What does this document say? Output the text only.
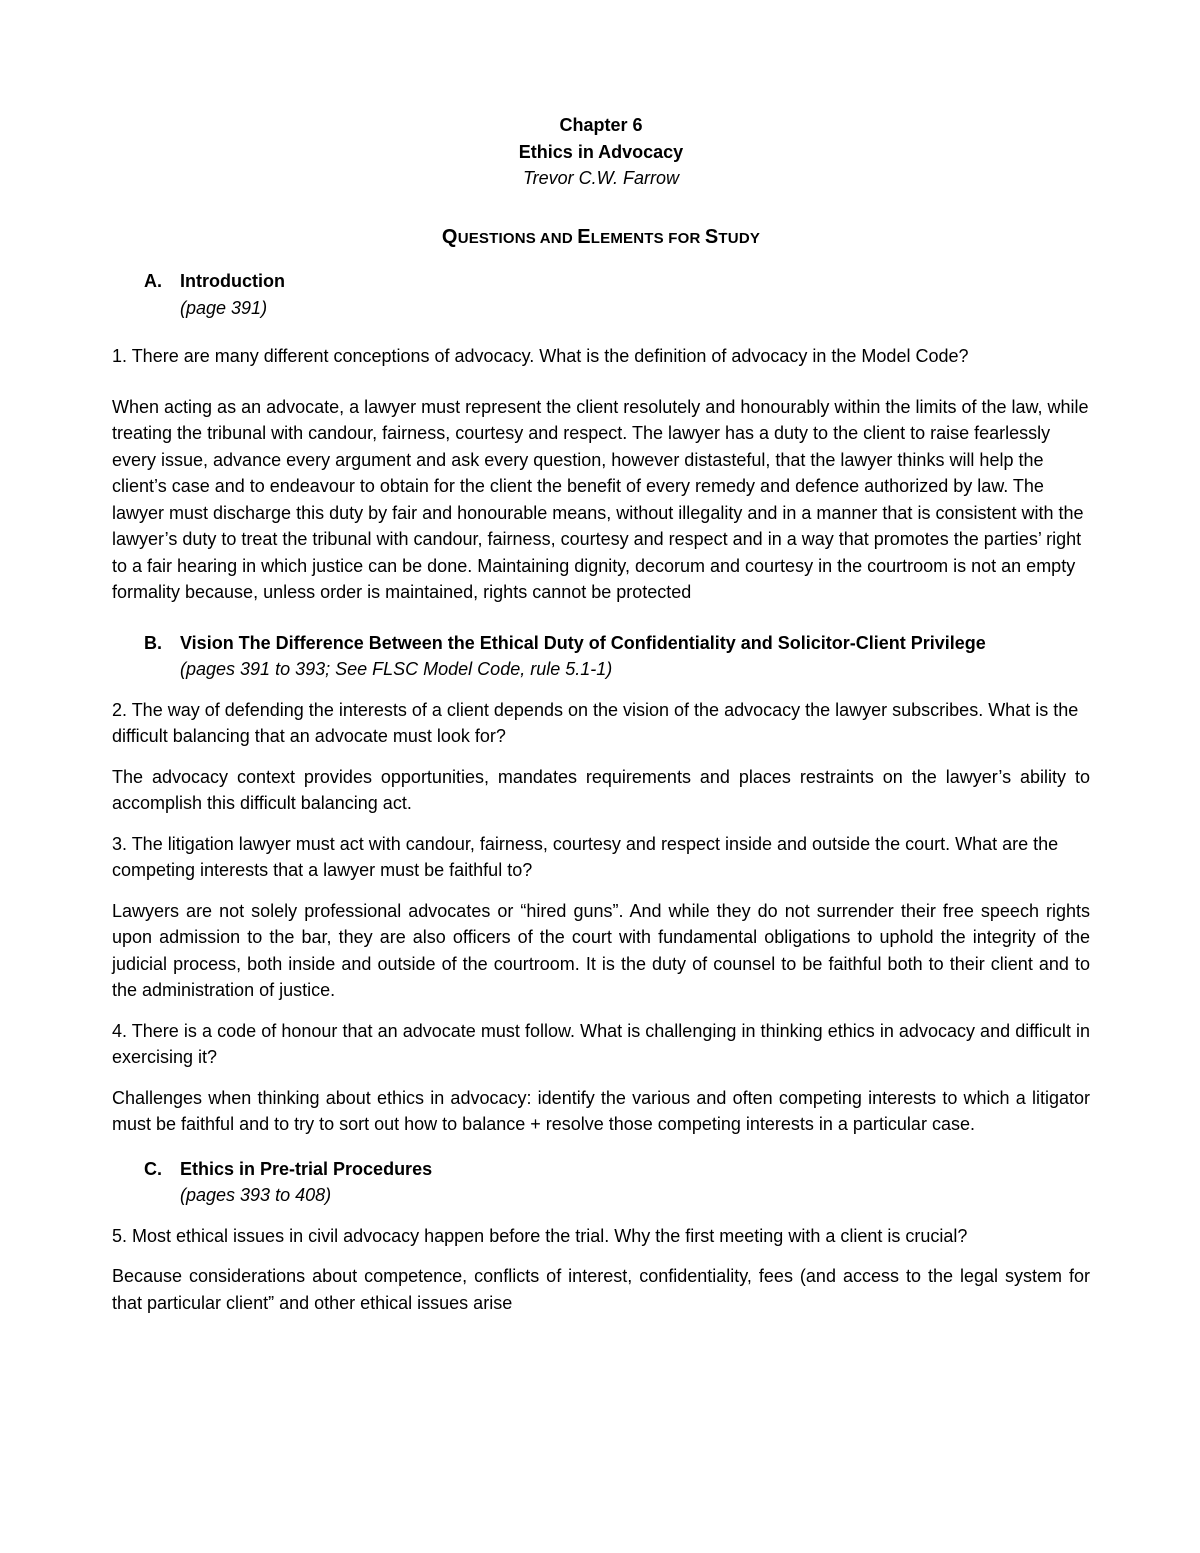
Chapter 6
Ethics in Advocacy
Trevor C.W. Farrow
QUESTIONS AND ELEMENTS FOR STUDY
A. Introduction
(page 391)

1. There are many different conceptions of advocacy. What is the definition of advocacy in the Model Code?

When acting as an advocate, a lawyer must represent the client resolutely and honourably within the limits of the law, while treating the tribunal with candour, fairness, courtesy and respect. The lawyer has a duty to the client to raise fearlessly every issue, advance every argument and ask every question, however distasteful, that the lawyer thinks will help the client’s case and to endeavour to obtain for the client the benefit of every remedy and defence authorized by law. The lawyer must discharge this duty by fair and honourable means, without illegality and in a manner that is consistent with the lawyer’s duty to treat the tribunal with candour, fairness, courtesy and respect and in a way that promotes the parties’ right to a fair hearing in which justice can be done. Maintaining dignity, decorum and courtesy in the courtroom is not an empty formality because, unless order is maintained, rights cannot be protected

B. Vision The Difference Between the Ethical Duty of Confidentiality and Solicitor-Client Privilege
(pages 391 to 393; See FLSC Model Code, rule 5.1-1)

2. The way of defending the interests of a client depends on the vision of the advocacy the lawyer subscribes. What is the difficult balancing that an advocate must look for?

The advocacy context provides opportunities, mandates requirements and places restraints on the lawyer’s ability to accomplish this difficult balancing act.

3. The litigation lawyer must act with candour, fairness, courtesy and respect inside and outside the court. What are the competing interests that a lawyer must be faithful to?

Lawyers are not solely professional advocates or “hired guns”. And while they do not surrender their free speech rights upon admission to the bar, they are also officers of the court with fundamental obligations to uphold the integrity of the judicial process, both inside and outside of the courtroom. It is the duty of counsel to be faithful both to their client and to the administration of justice.

4. There is a code of honour that an advocate must follow. What is challenging in thinking ethics in advocacy and difficult in exercising it?

Challenges when thinking about ethics in advocacy: identify the various and often competing interests to which a litigator must be faithful and to try to sort out how to balance + resolve those competing interests in a particular case.

C. Ethics in Pre-trial Procedures
(pages 393 to 408)

5. Most ethical issues in civil advocacy happen before the trial. Why the first meeting with a client is crucial?

Because considerations about competence, conflicts of interest, confidentiality, fees (and access to the legal system for that particular client” and other ethical issues arise
